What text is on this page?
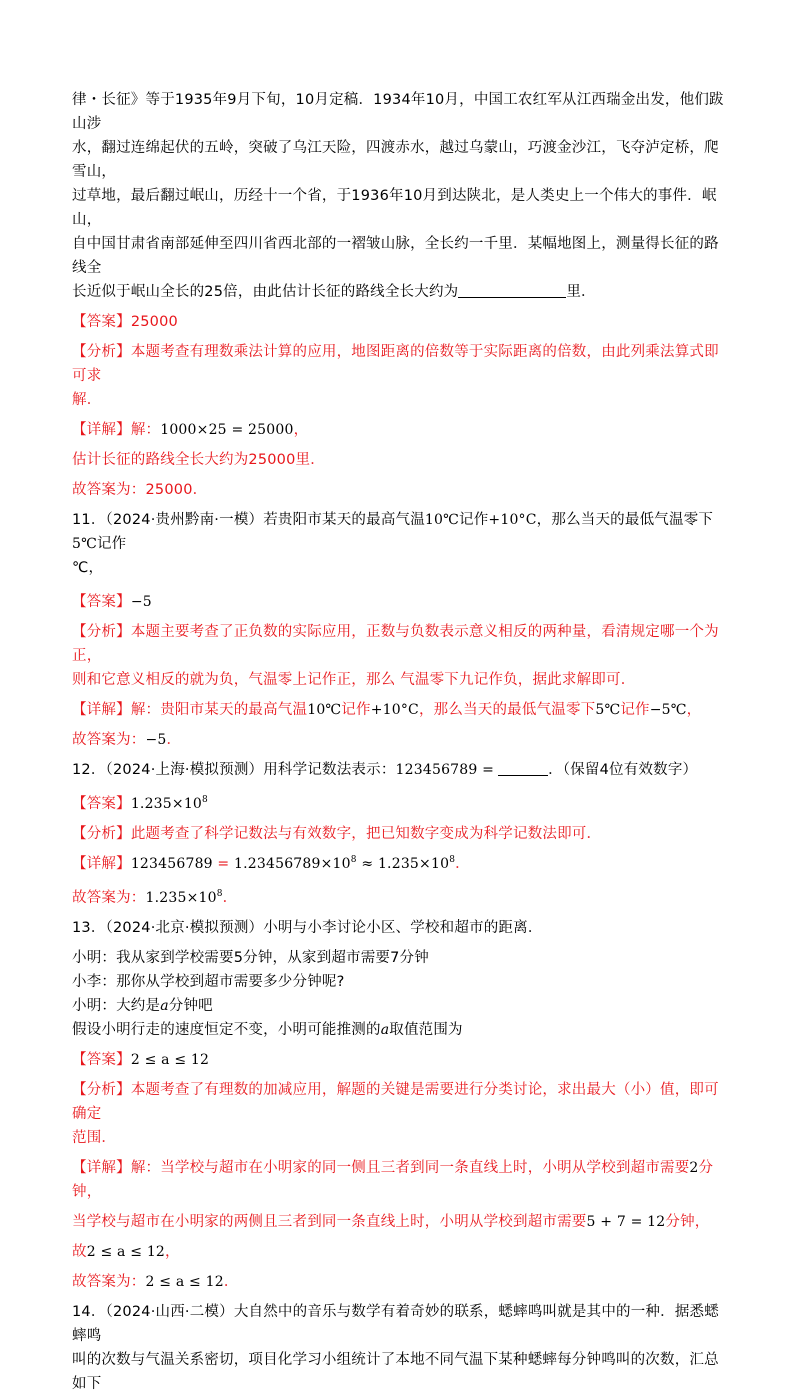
律・长征》等于1935年9月下旬，10月定稿．1934年10月，中国工农红军从江西瑞金出发，他们跋山涉

水，翻过连绵起伏的五岭，突破了乌江天险，四渡赤水，越过乌蒙山，巧渡金沙江，飞夺泸定桥，爬雪山，

过草地，最后翻过岷山，历经十一个省，于1936年10月到达陕北，是人类史上一个伟大的事件．岷山，

自中国甘肃省南部延伸至四川省西北部的一褶皱山脉，全长约一千里．某幅地图上，测量得长征的路线全

长近似于岷山全长的25倍，由此估计长征的路线全长大约为	里．

【答案】25000

【分析】本题考查有理数乘法计算的应用，地图距离的倍数等于实际距离的倍数，由此列乘法算式即可求

解．

【详解】解：1000×25 = 25000，

估计长征的路线全长大约为25000里．

故答案为：25000．

11．（2024·贵州黔南·一模）若贵阳市某天的最高气温10℃记作+10°C，那么当天的最低气温零下5℃记作

℃，

【答案】−5

【分析】本题主要考查了正负数的实际应用，正数与负数表示意义相反的两种量，看清规定哪一个为正，

则和它意义相反的就为负，气温零上记作正，那么 气温零下九记作负，据此求解即可．

【详解】解：贵阳市某天的最高气温10℃记作+10°C，那么当天的最低气温零下5℃记作−5℃，

故答案为：−5．

12．（2024·上海·模拟预测）用科学记数法表示：123456789 =	．（保留4位有效数字）

【答案】$1.235\times 10^8$

【分析】此题考查了科学记数法与有效数字，把已知数字变成为科学记数法即可．

【详解】$123456789 = 1.23456789\times 10^8 \approx 1.235\times 10^8$．

故答案为：$1.235\times 10^8$．

13．（2024·北京·模拟预测）小明与小李讨论小区、学校和超市的距离．

小明：我从家到学校需要5分钟，从家到超市需要7分钟

小李：那你从学校到超市需要多少分钟呢?

小明：大约是a分钟吧

假设小明行走的速度恒定不变，小明可能推测的a取值范围为

【答案】2 ≤ a ≤ 12

【分析】本题考查了有理数的加减应用，解题的关键是需要进行分类讨论，求出最大（小）值，即可确定

范围．

【详解】解：当学校与超市在小明家的同一侧且三者到同一条直线上时，小明从学校到超市需要2分钟，

当学校与超市在小明家的两侧且三者到同一条直线上时，小明从学校到超市需要5 + 7 = 12分钟，

故2 ≤ a ≤ 12，

故答案为：2 ≤ a ≤ 12．

14．（2024·山西·二模）大自然中的音乐与数学有着奇妙的联系，蟋蟀鸣叫就是其中的一种．据悉蟋蟀鸣

叫的次数与气温关系密切，项目化学习小组统计了本地不同气温下某种蟋蟀每分钟鸣叫的次数，汇总如下
